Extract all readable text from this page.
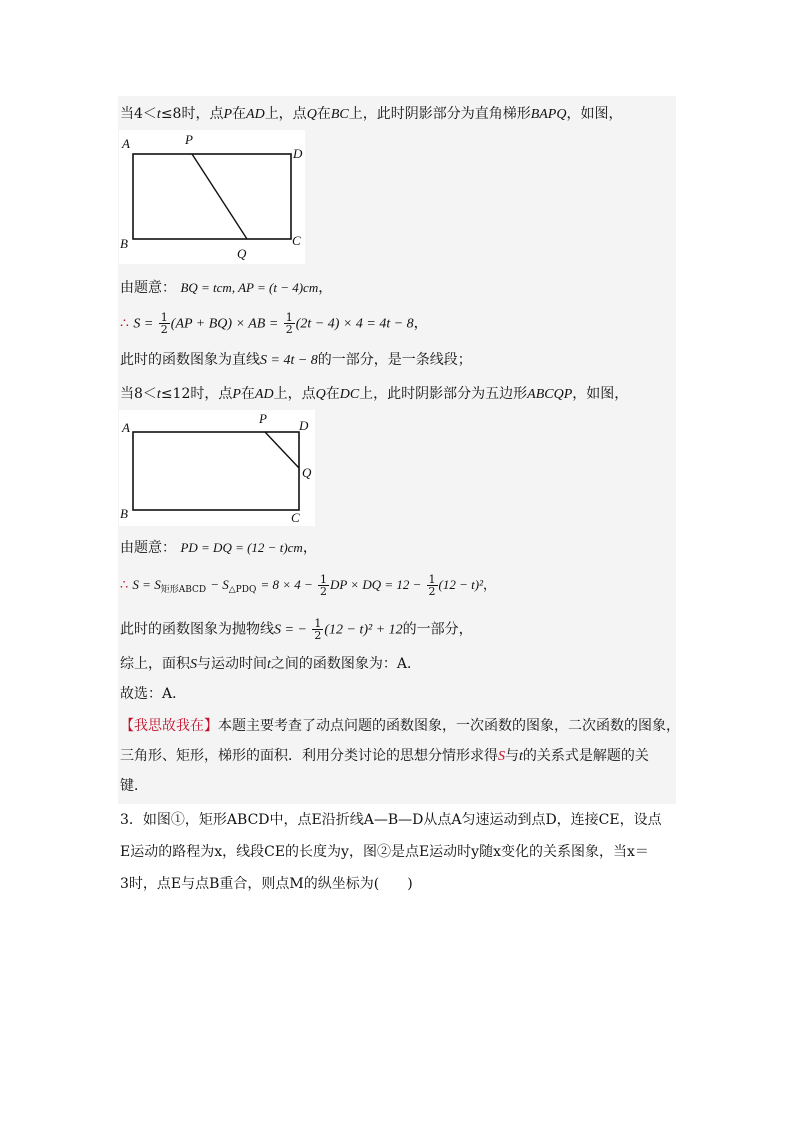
当4＜t≤8时，点P在AD上，点Q在BC上，此时阴影部分为直角梯形BAPQ，如图，
A	P
D
B
Q
C
由题意： BQ = tcm, AP = (t − 4)cm，
∴ $S = \frac{1}{2} (AP + BQ)$ × AB = $\frac{1}{2} (2t - 4) \times 4 = 4t - 8$，
此时的函数图象为直线S = 4t − 8的一部分，是一条线段；
当8＜t≤12时，点P在AD上，点Q在DC上，此时阴影部分为五边形ABCQP，如图，
A
P D
Q
B	C
由题意： PD = DQ = (12 − t)cm，
∴ $S = S_{矩形ABCD} - S_{\triangle PDQ} = 8 \times 4 - \frac{1}{2}$ DP × DQ = $12 - \frac{1}{2} (12 - t)^2$，
此时的函数图象为抛物线S = − $\frac{1}{2} (12 - t)^2 + 12$的一部分，
综上，面积S与运动时间t之间的函数图象为：A．
故选：A．
【我思故我在】本题主要考查了动点问题的函数图象，一次函数的图象，二次函数的图象，
三角形、矩形，梯形的面积．利用分类讨论的思想分情形求得S与t的关系式是解题的关
键．
3．如图①，矩形ABCD中，点E沿折线A—B—D从点A匀速运动到点D，连接CE，设点
E运动的路程为x，线段CE的长度为y，图②是点E运动时y随x变化的关系图象，当x＝
3时，点E与点B重合，则点M的纵坐标为(　　)
